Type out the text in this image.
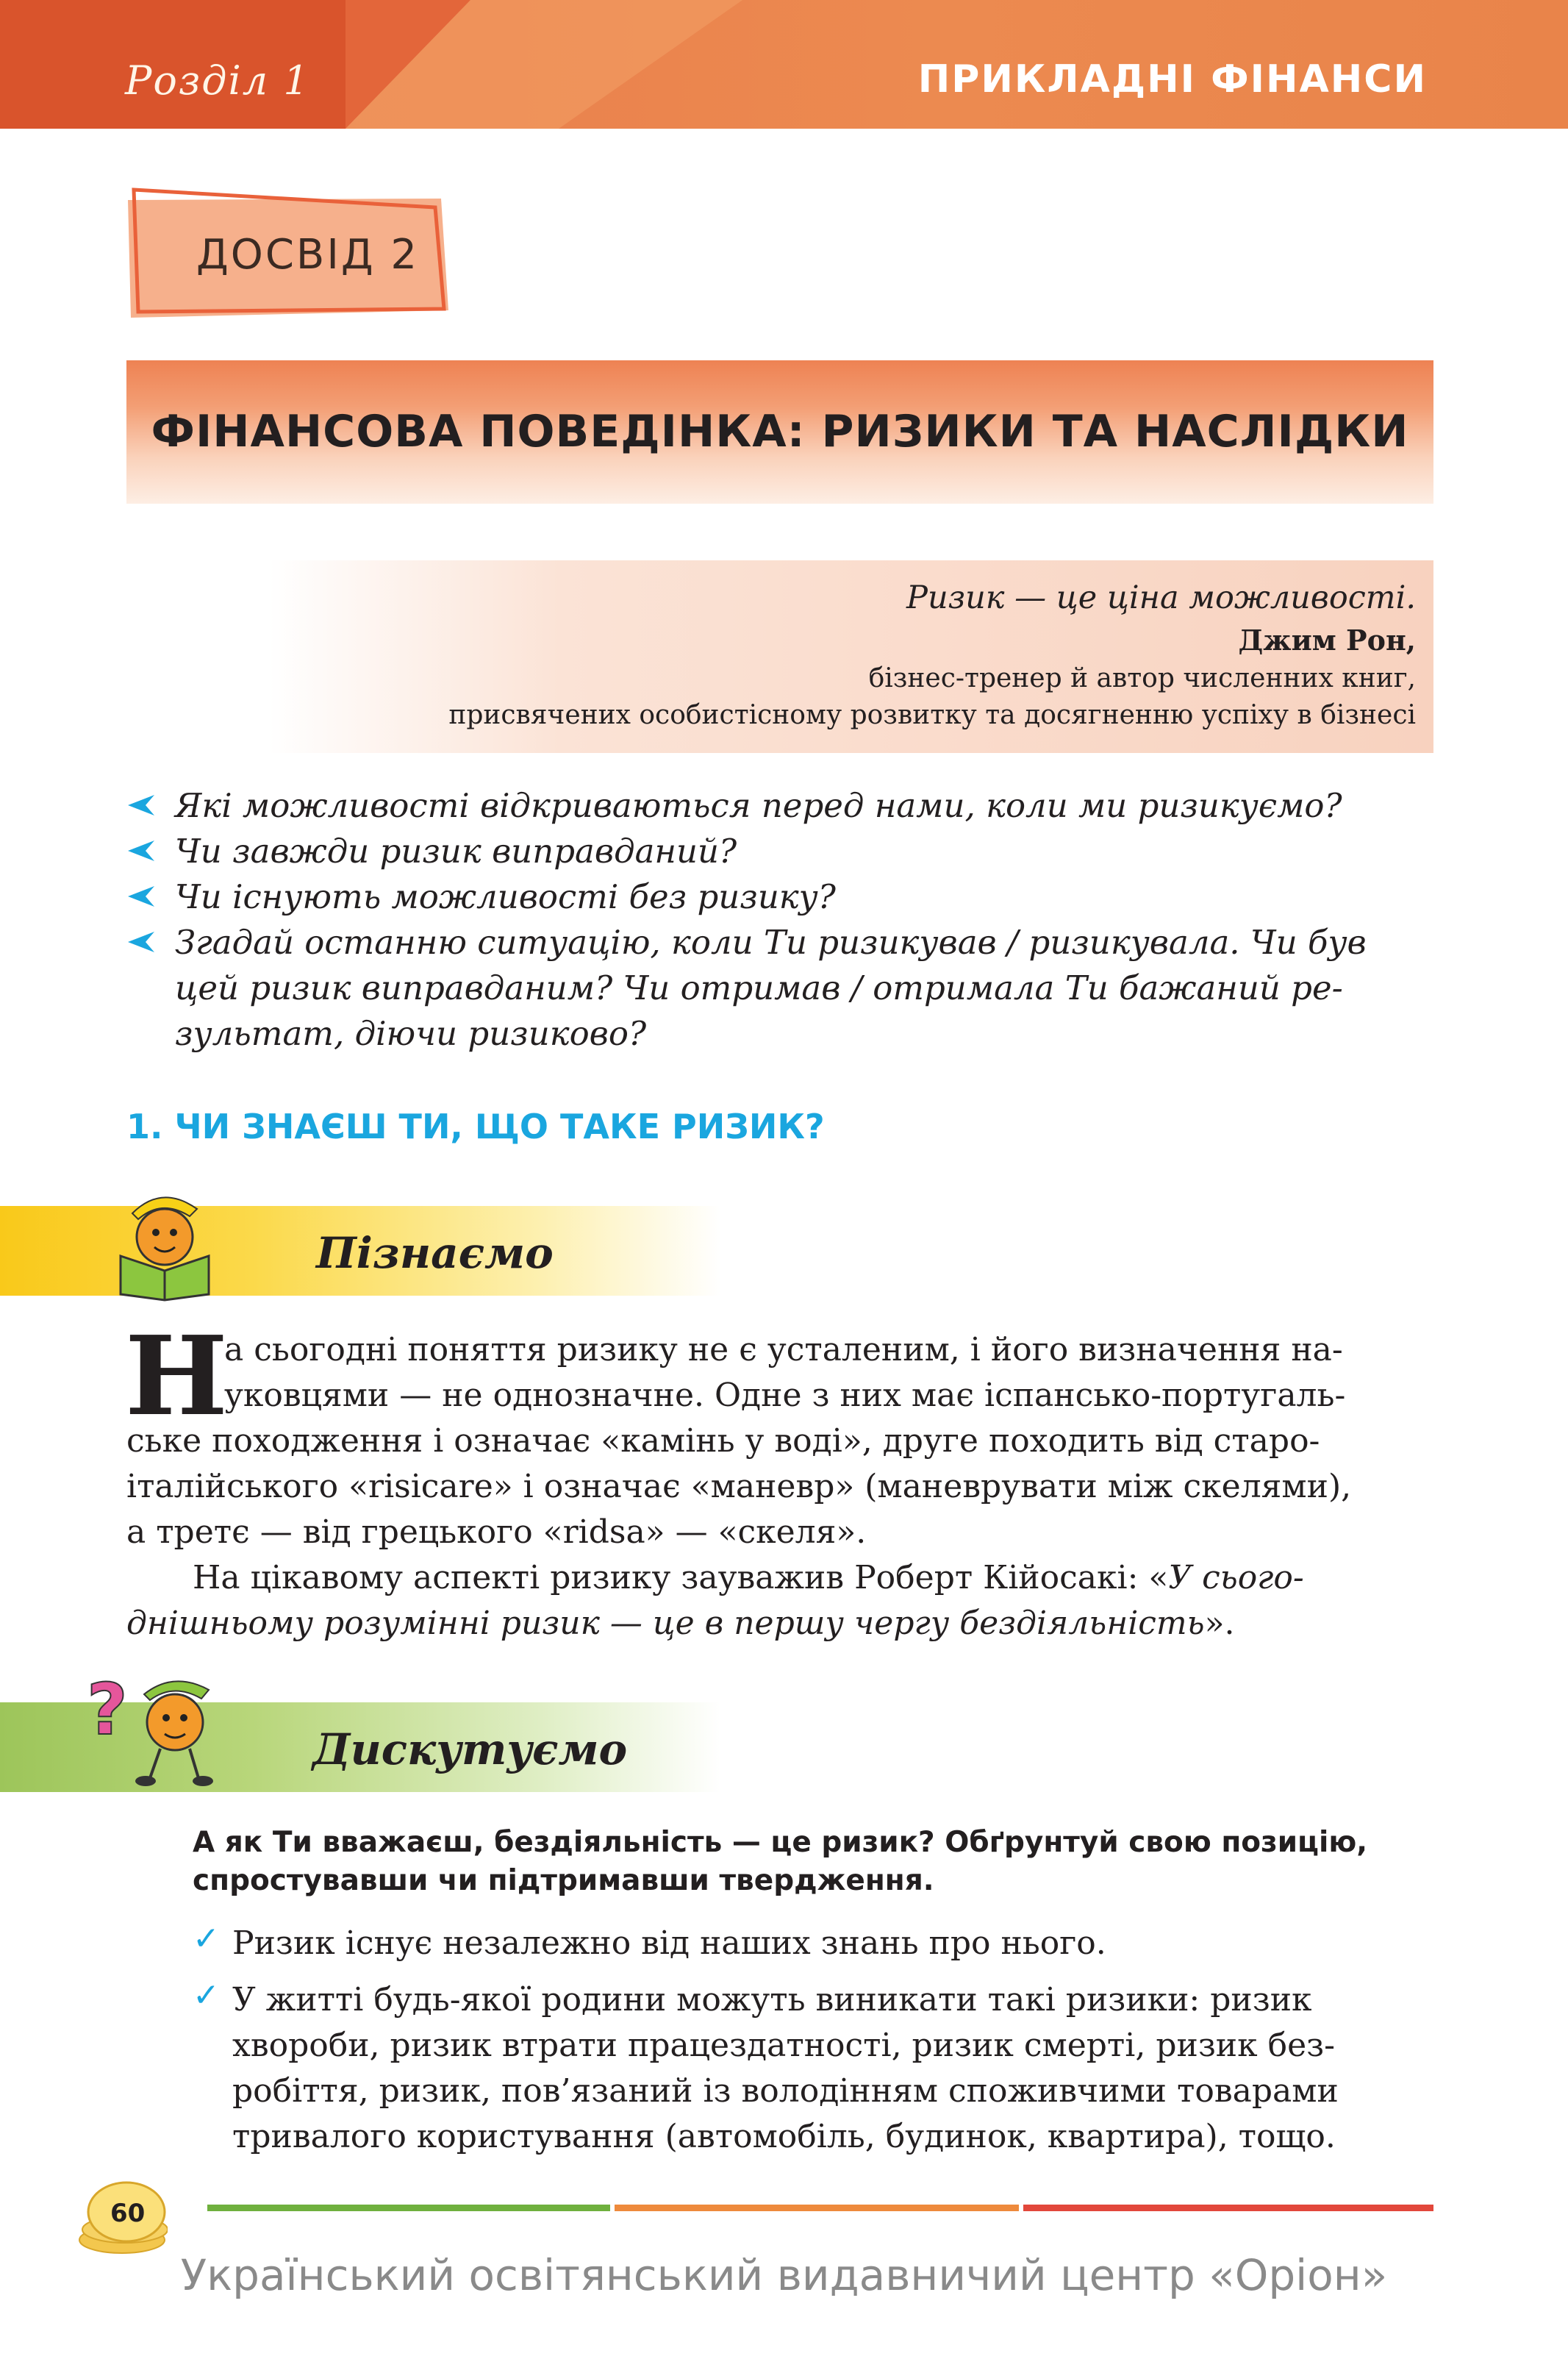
Розділ 1	ПРИКЛАДНІ ФІНАНСИ
ДОСВІД 2
ФІНАНСОВА ПОВЕДІНКА: РИЗИКИ ТА НАСЛІДКИ
Ризик — це ціна можливості.
Джим Рон,
бізнес-тренер й автор численних книг,
присвячених особистісному розвитку та досягненню успіху в бізнесі
Які можливості відкриваються перед нами, коли ми ризикуємо?
Чи завжди ризик виправданий?
Чи існують можливості без ризику?
Згадай останню ситуацію, коли Ти ризикував / ризикувала. Чи був
цей ризик виправданим? Чи отримав / отримала Ти бажаний ре-
зультат, діючи ризиково?
1. ЧИ ЗНАЄШ ТИ, ЩО ТАКЕ РИЗИК?
Пізнаємо
Н
а сьогодні поняття ризику не є усталеним, і його визначення на-
уковцями — не однозначне. Одне з них має іспансько-португаль-
ське походження і означає «камінь у воді», друге походить від старо-
італійського «risicare» і означає «маневр» (маневрувати між скелями),
а третє — від грецького «ridsa» — «скеля».
На цікавому аспекті ризику зауважив Роберт Кійосакі: «У сього-
днішньому розумінні ризик — це в першу чергу бездіяльність».
Дискутуємо
?
А як Ти вважаєш, бездіяльність — це ризик? Обґрунтуй свою позицію,
спростувавши чи підтримавши твердження.
✓ Ризик існує незалежно від наших знань про нього.
✓ У житті будь-якої родини можуть виникати такі ризики: ризик
хвороби, ризик втрати працездатності, ризик смерті, ризик без-
робіття, ризик, пов’язаний із володінням споживчими товарами
тривалого користування (автомобіль, будинок, квартира), тощо.
60
Український освітянський видавничий центр «Оріон»
